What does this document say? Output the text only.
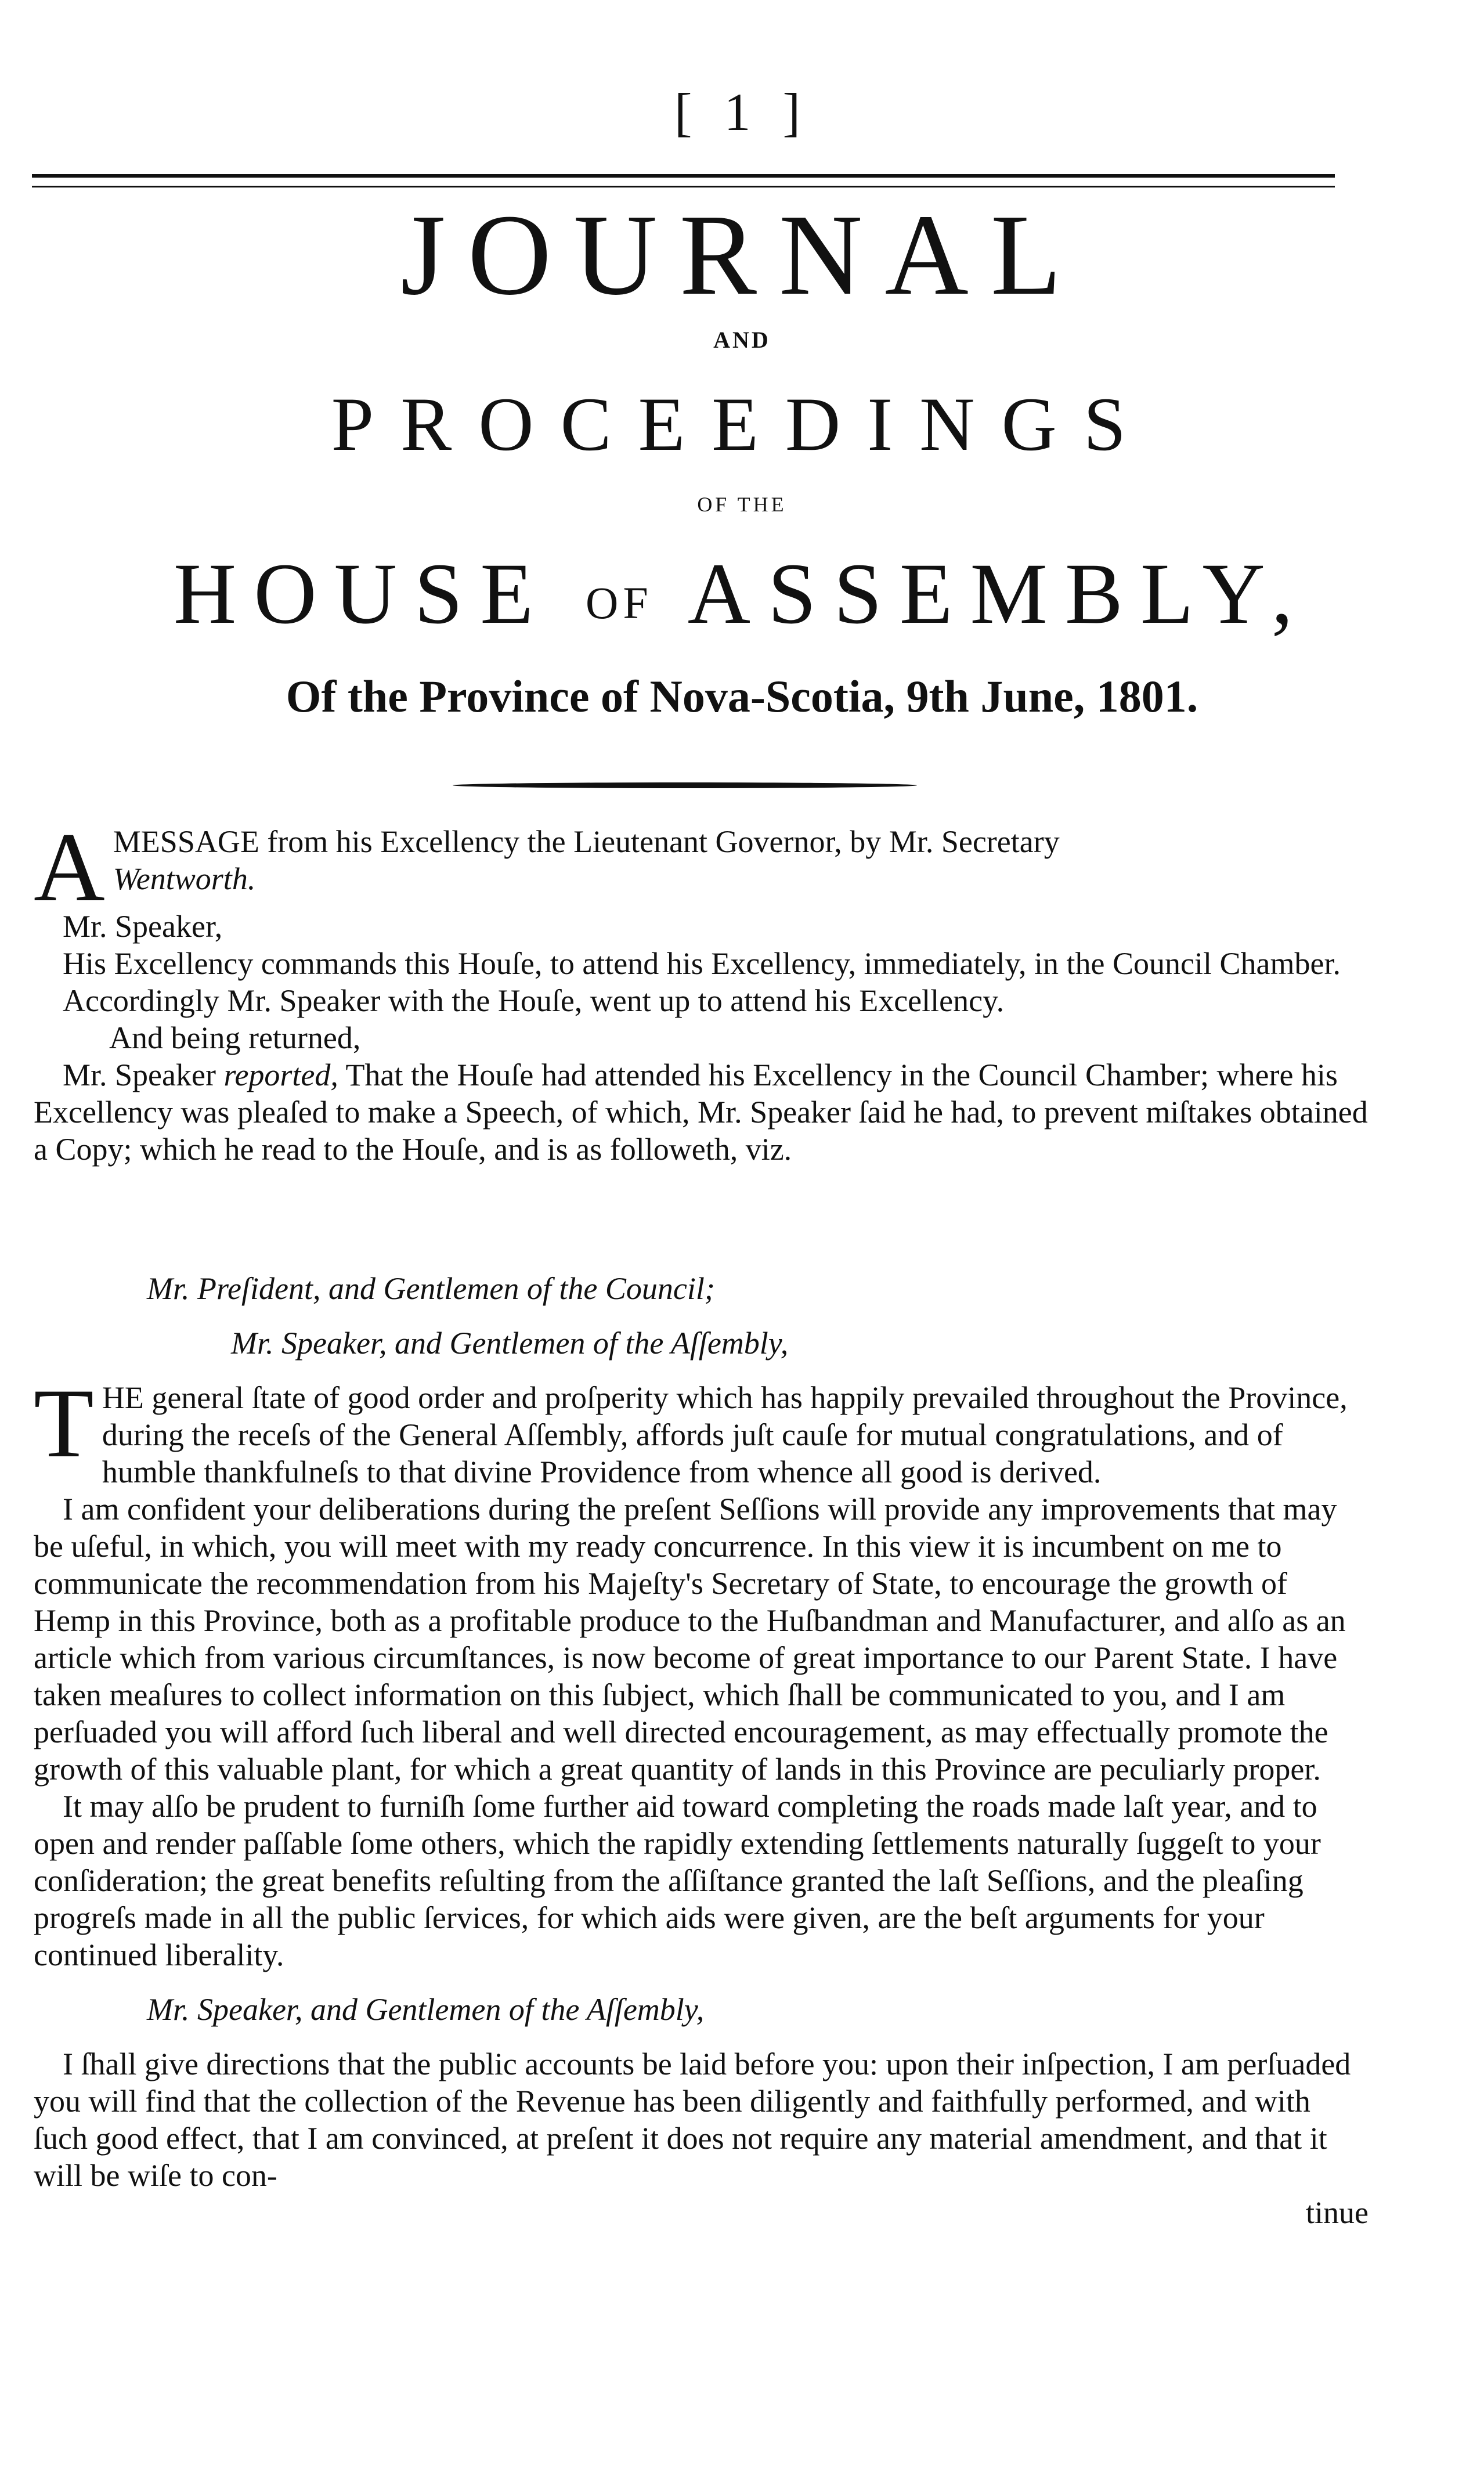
[ 1 ]
JOURNAL
AND
PROCEEDINGS
OF THE
HOUSE OF ASSEMBLY,
Of the Province of Nova-Scotia, 9th June, 1801.

A MESSAGE from his Excellency the Lieutenant Governor, by Mr. Secretary
Wentworth.

Mr. Speaker,

His Excellency commands this Houſe, to attend his Excellency, immediately, in the Council Chamber.

Accordingly Mr. Speaker with the Houſe, went up to attend his Excellency.

And being returned,

Mr. Speaker reported, That the Houſe had attended his Excellency in the Council Chamber; where his Excellency was pleaſed to make a Speech, of which, Mr. Speaker ſaid he had, to prevent miſtakes obtained a Copy; which he read to the Houſe, and is as followeth, viz.

Mr. Preſident, and Gentlemen of the Council;

Mr. Speaker, and Gentlemen of the Aſſembly,

T HE general ſtate of good order and proſperity which has happily prevailed throughout the Province, during the receſs of the General Aſſembly, affords juſt cauſe for mutual congratulations, and of humble thankfulneſs to that divine Providence from whence all good is derived.

I am confident your deliberations during the preſent Seſſions will provide any improvements that may be uſeful, in which, you will meet with my ready concurrence. In this view it is incumbent on me to communicate the recommendation from his Majeſty's Secretary of State, to encourage the growth of Hemp in this Province, both as a profitable produce to the Huſbandman and Manufacturer, and alſo as an article which from various circumſtances, is now become of great importance to our Parent State. I have taken meaſures to collect information on this ſubject, which ſhall be communicated to you, and I am perſuaded you will afford ſuch liberal and well directed encouragement, as may effectually promote the growth of this valuable plant, for which a great quantity of lands in this Province are peculiarly proper.

It may alſo be prudent to furniſh ſome further aid toward completing the roads made laſt year, and to open and render paſſable ſome others, which the rapidly extending ſettlements naturally ſuggeſt to your conſideration; the great benefits reſulting from the aſſiſtance granted the laſt Seſſions, and the pleaſing progreſs made in all the public ſervices, for which aids were given, are the beſt arguments for your continued liberality.

Mr. Speaker, and Gentlemen of the Aſſembly,

I ſhall give directions that the public accounts be laid before you: upon their inſpection, I am perſuaded you will find that the collection of the Revenue has been diligently and faithfully performed, and with ſuch good effect, that I am convinced, at preſent it does not require any material amendment, and that it will be wiſe to con-

tinue
